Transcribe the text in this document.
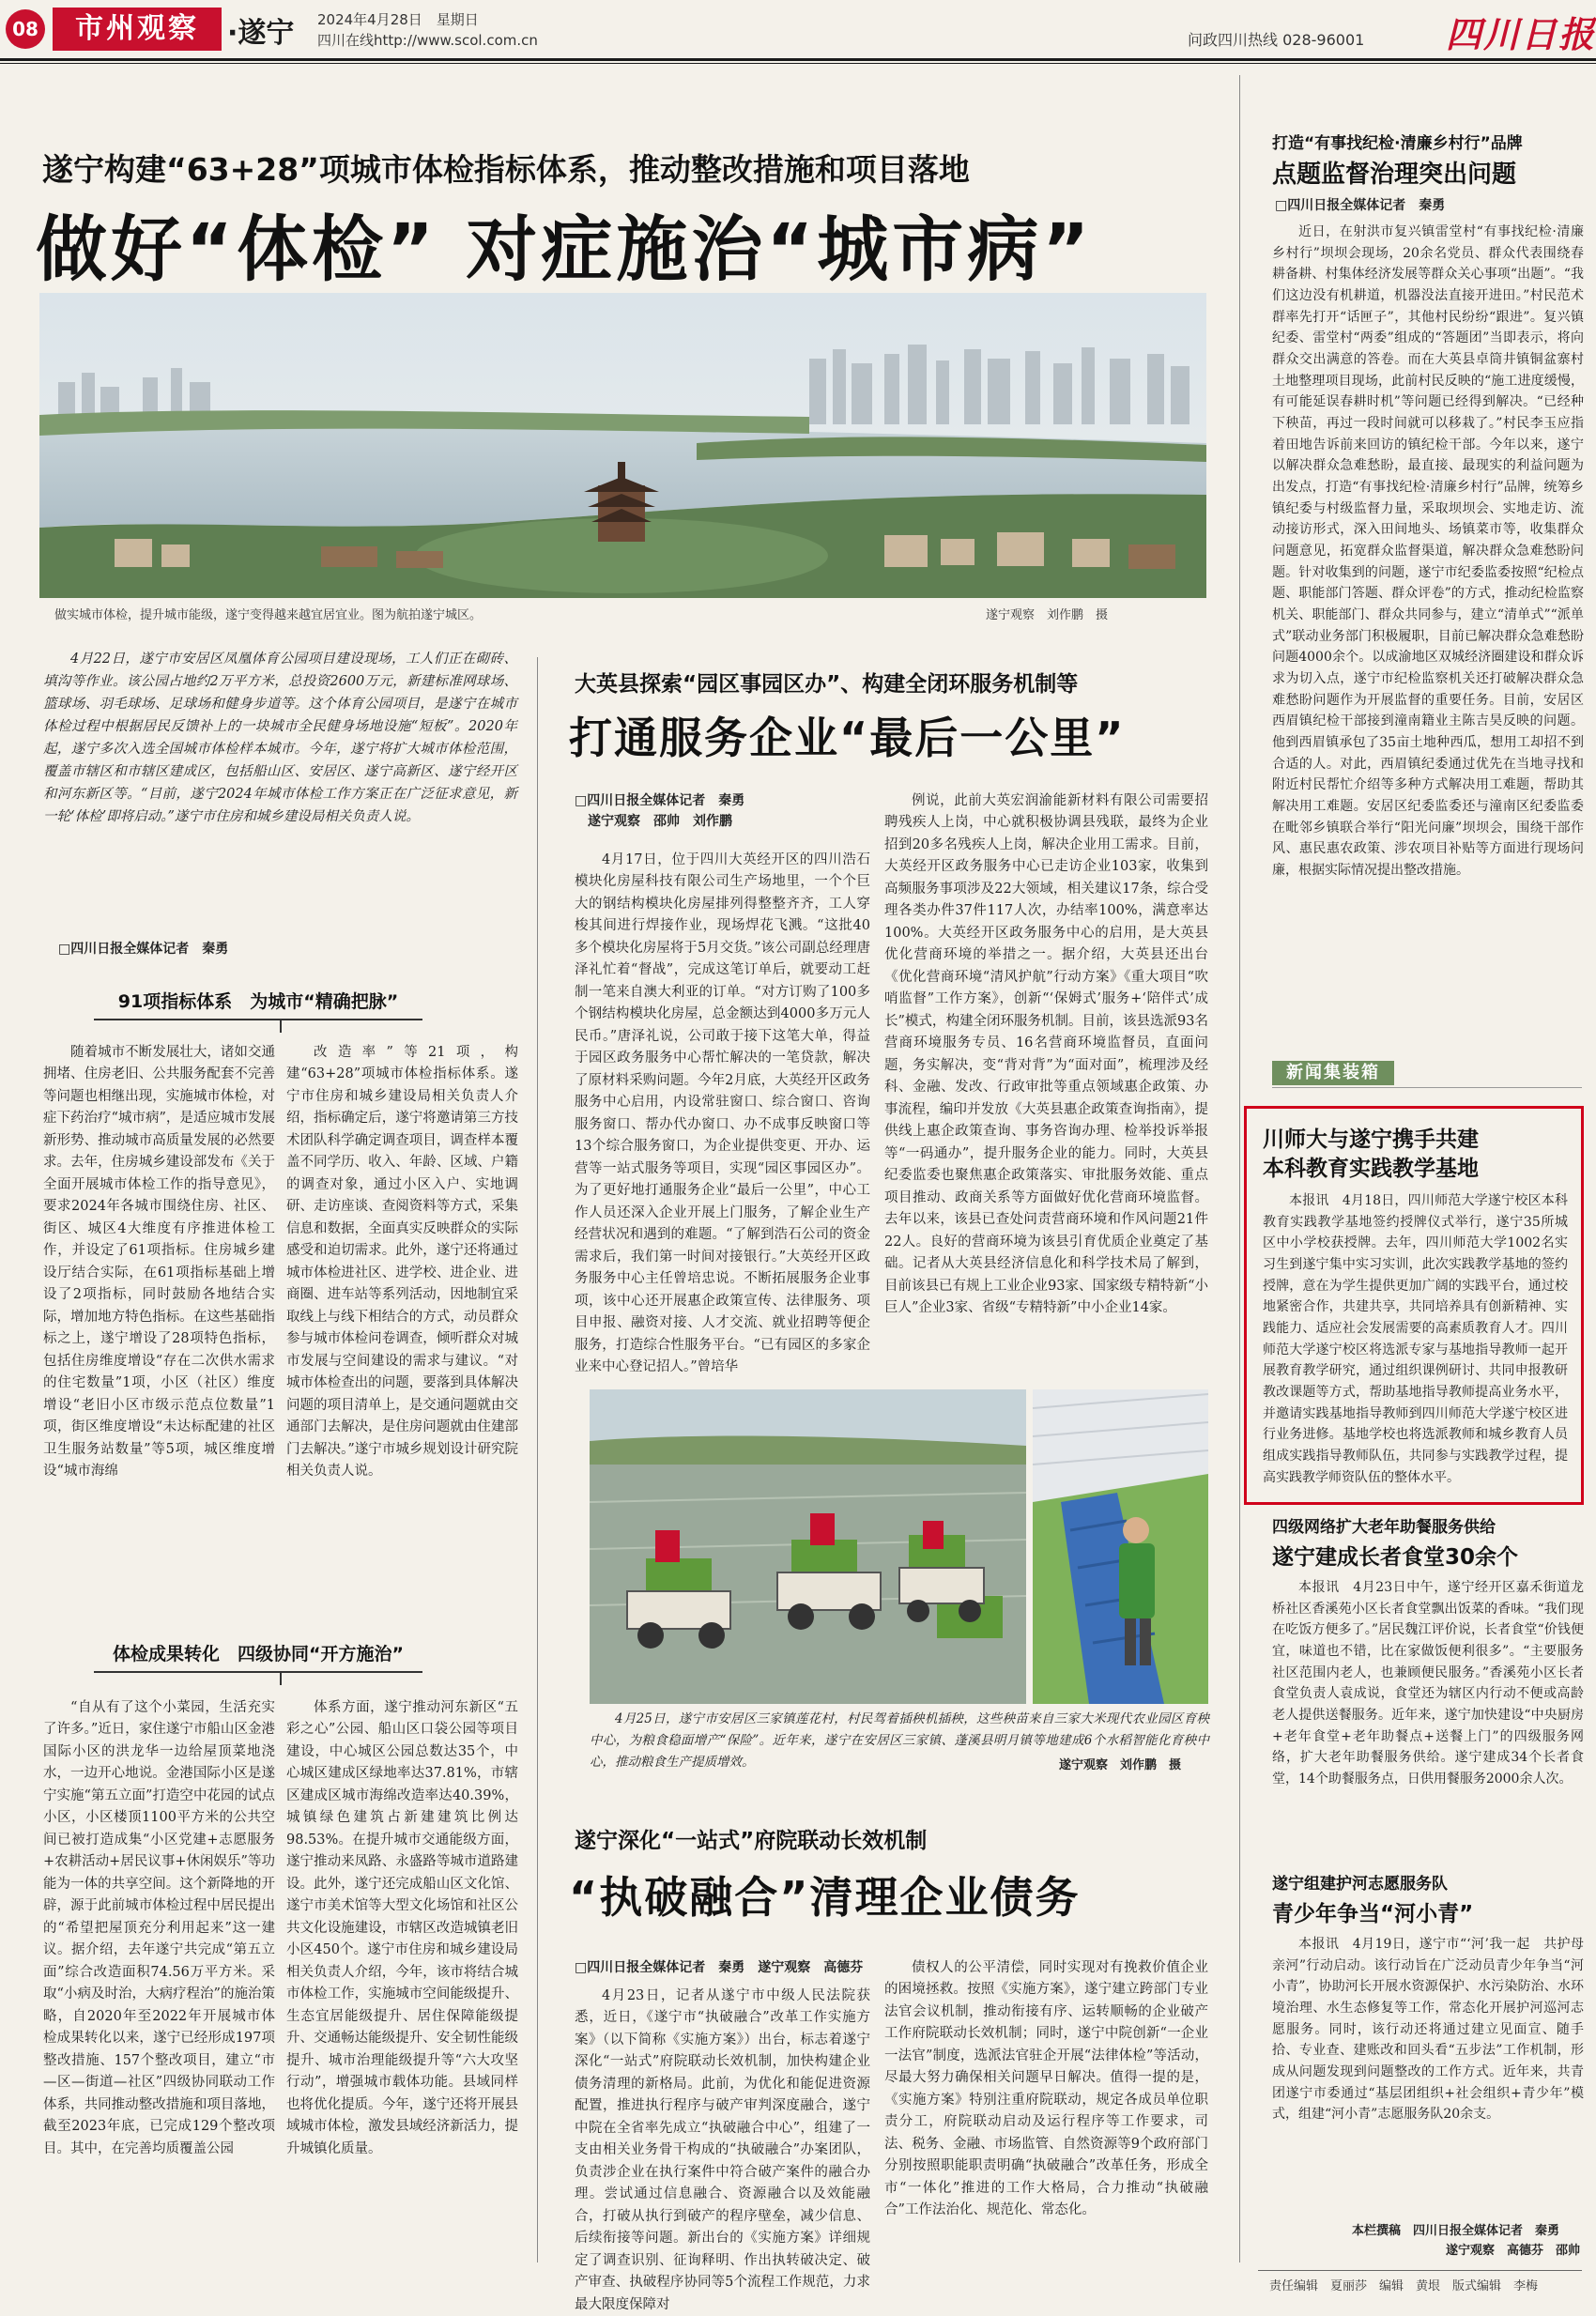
08	市州观察	·遂宁 2024年4月28日　星期日
四川在线http://www.scol.com.cn	问政四川热线 028-96001 四川日报
遂宁构建“63+28”项城市体检指标体系，推动整改措施和项目落地
做好“体检” 对症施治“城市病”
做实城市体检，提升城市能级，遂宁变得越来越宜居宜业。图为航拍遂宁城区。	遂宁观察　刘作鹏　摄

4月22日，遂宁市安居区凤凰体育公园项目建设现场，工人们正在砌砖、填沟等作业。该公园占地约2万平方米，总投资2600万元，新建标准网球场、篮球场、羽毛球场、足球场和健身步道等。这个体育公园项目，是遂宁在城市体检过程中根据居民反馈补上的一块城市全民健身场地设施“短板”。2020年起，遂宁多次入选全国城市体检样本城市。今年，遂宁将扩大城市体检范围，覆盖市辖区和市辖区建成区，包括船山区、安居区、遂宁高新区、遂宁经开区和河东新区等。“目前，遂宁2024年城市体检工作方案正在广泛征求意见，新一轮‘体检’即将启动。”遂宁市住房和城乡建设局相关负责人说。

□四川日报全媒体记者　秦勇
91项指标体系　为城市“精确把脉”

随着城市不断发展壮大，诸如交通拥堵、住房老旧、公共服务配套不完善等问题也相继出现，实施城市体检，对症下药治疗“城市病”，是适应城市发展新形势、推动城市高质量发展的必然要求。去年，住房城乡建设部发布《关于全面开展城市体检工作的指导意见》，要求2024年各城市围绕住房、社区、街区、城区4大维度有序推进体检工作，并设定了61项指标。住房城乡建设厅结合实际，在61项指标基础上增设了2项指标，同时鼓励各地结合实际，增加地方特色指标。在这些基础指标之上，遂宁增设了28项特色指标，包括住房维度增设“存在二次供水需求的住宅数量”1项，小区（社区）维度增设“老旧小区市级示范点位数量”1项，街区维度增设“未达标配建的社区卫生服务站数量”等5项，城区维度增设“城市海绵

改造率”等21项，构建“63+28”项城市体检指标体系。遂宁市住房和城乡建设局相关负责人介绍，指标确定后，遂宁将邀请第三方技术团队科学确定调查项目，调查样本覆盖不同学历、收入、年龄、区域、户籍的调查对象，通过小区入户、实地调研、走访座谈、查阅资料等方式，采集信息和数据，全面真实反映群众的实际感受和迫切需求。此外，遂宁还将通过城市体检进社区、进学校、进企业、进商圈、进车站等系列活动，因地制宜采取线上与线下相结合的方式，动员群众参与城市体检问卷调查，倾听群众对城市发展与空间建设的需求与建议。“对城市体检查出的问题，要落到具体解决问题的项目清单上，是交通问题就由交通部门去解决，是住房问题就由住建部门去解决。”遂宁市城乡规划设计研究院相关负责人说。

体检成果转化　四级协同“开方施治”

“自从有了这个小菜园，生活充实了许多。”近日，家住遂宁市船山区金港国际小区的洪龙华一边给屋顶菜地浇水，一边开心地说。金港国际小区是遂宁实施“第五立面”打造空中花园的试点小区，小区楼顶1100平方米的公共空间已被打造成集“小区党建+志愿服务+农耕活动+居民议事+休闲娱乐”等功能为一体的共享空间。这个新降地的开辟，源于此前城市体检过程中居民提出的“希望把屋顶充分利用起来”这一建议。据介绍，去年遂宁共完成“第五立面”综合改造面积74.56万平方米。采取“小病及时治，大病疗程治”的施治策略，自2020年至2022年开展城市体检成果转化以来，遂宁已经形成197项整改措施、157个整改项目，建立“市—区—街道—社区”四级协同联动工作体系，共同推动整改措施和项目落地，截至2023年底，已完成129个整改项目。其中，在完善均质覆盖公园

体系方面，遂宁推动河东新区“五彩之心”公园、船山区口袋公园等项目建设，中心城区公园总数达35个，中心城区建成区绿地率达37.81%，市辖区建成区城市海绵改造率达40.39%，城镇绿色建筑占新建建筑比例达98.53%。在提升城市交通能级方面，遂宁推动来凤路、永盛路等城市道路建设。此外，遂宁还完成船山区文化馆、遂宁市美术馆等大型文化场馆和社区公共文化设施建设，市辖区改造城镇老旧小区450个。遂宁市住房和城乡建设局相关负责人介绍，今年，该市将结合城市体检工作，实施城市空间能级提升、生态宜居能级提升、居住保障能级提升、交通畅达能级提升、安全韧性能级提升、城市治理能级提升等“六大攻坚行动”，增强城市载体功能。县域同样也将优化提质。今年，遂宁还将开展县域城市体检，激发县域经济新活力，提升城镇化质量。

大英县探索“园区事园区办”、构建全闭环服务机制等
打通服务企业“最后一公里”
□四川日报全媒体记者　秦勇
遂宁观察　邵帅　刘作鹏

4月17日，位于四川大英经开区的四川浩石模块化房屋科技有限公司生产场地里，一个个巨大的钢结构模块化房屋排列得整整齐齐，工人穿梭其间进行焊接作业，现场焊花飞溅。“这批40多个模块化房屋将于5月交货。”该公司副总经理唐泽礼忙着“督战”，完成这笔订单后，就要动工赶制一笔来自澳大利亚的订单。“对方订购了100多个钢结构模块化房屋，总金额达到4000多万元人民币。”唐泽礼说，公司敢于接下这笔大单，得益于园区政务服务中心帮忙解决的一笔贷款，解决了原材料采购问题。今年2月底，大英经开区政务服务中心启用，内设常驻窗口、综合窗口、咨询服务窗口、帮办代办窗口、办不成事反映窗口等13个综合服务窗口，为企业提供变更、开办、运营等一站式服务等项目，实现“园区事园区办”。为了更好地打通服务企业“最后一公里”，中心工作人员还深入企业开展上门服务，了解企业生产经营状况和遇到的难题。“了解到浩石公司的资金需求后，我们第一时间对接银行。”大英经开区政务服务中心主任曾培忠说。不断拓展服务企业事项，该中心还开展惠企政策宣传、法律服务、项目申报、融资对接、人才交流、就业招聘等便企服务，打造综合性服务平台。“已有园区的多家企业来中心登记招人。”曾培华

例说，此前大英宏润渝能新材料有限公司需要招聘残疾人上岗，中心就积极协调县残联，最终为企业招到20多名残疾人上岗，解决企业用工需求。目前，大英经开区政务服务中心已走访企业103家，收集到高频服务事项涉及22大领域，相关建议17条，综合受理各类办件37件117人次，办结率100%，满意率达100%。大英经开区政务服务中心的启用，是大英县优化营商环境的举措之一。据介绍，大英县还出台《优化营商环境“清风护航”行动方案》《重大项目“吹哨监督”工作方案》，创新“‘保姆式’服务+‘陪伴式’成长”模式，构建全闭环服务机制。目前，该县选派93名营商环境服务专员、16名营商环境监督员，直面问题，务实解决，变“背对背”为“面对面”，梳理涉及经科、金融、发改、行政审批等重点领域惠企政策、办事流程，编印并发放《大英县惠企政策查询指南》，提供线上惠企政策查询、事务咨询办理、检举投诉举报等“一码通办”，提升服务企业的能力。同时，大英县纪委监委也聚焦惠企政策落实、审批服务效能、重点项目推动、政商关系等方面做好优化营商环境监督。去年以来，该县已查处问责营商环境和作风问题21件22人。良好的营商环境为该县引育优质企业奠定了基础。记者从大英县经济信息化和科学技术局了解到，目前该县已有规上工业企业93家、国家级专精特新“小巨人”企业3家、省级“专精特新”中小企业14家。

4月25日，遂宁市安居区三家镇莲花村，村民驾着插秧机插秧，这些秧苗来自三家大米现代农业园区育秧中心，为粮食稳面增产“保险”。近年来，遂宁在安居区三家镇、蓬溪县明月镇等地建成6个水稻智能化育秧中心，推动粮食生产提质增效。	遂宁观察　刘作鹏　摄
遂宁深化“一站式”府院联动长效机制
“执破融合”清理企业债务
□四川日报全媒体记者　秦勇　遂宁观察　高德芬

4月23日，记者从遂宁市中级人民法院获悉，近日，《遂宁市“执破融合”改革工作实施方案》（以下简称《实施方案》）出台，标志着遂宁深化“一站式”府院联动长效机制，加快构建企业债务清理的新格局。此前，为优化和能促进资源配置，推进执行程序与破产审判深度融合，遂宁中院在全省率先成立“执破融合中心”，组建了一支由相关业务骨干构成的“执破融合”办案团队，负责涉企业在执行案件中符合破产案件的融合办理。尝试通过信息融合、资源融合以及效能融合，打破从执行到破产的程序壁垒，减少信息、后续衔接等问题。新出台的《实施方案》详细规定了调查识别、征询释明、作出执转破决定、破产审查、执破程序协同等5个流程工作规范，力求最大限度保障对

债权人的公平清偿，同时实现对有挽救价值企业的困境拯救。按照《实施方案》，遂宁建立跨部门专业法官会议机制，推动衔接有序、运转顺畅的企业破产工作府院联动长效机制；同时，遂宁中院创新“一企业一法官”制度，选派法官驻企开展“法律体检”等活动，尽最大努力确保相关问题早日解决。值得一提的是，《实施方案》特别注重府院联动，规定各成员单位职责分工，府院联动启动及运行程序等工作要求，司法、税务、金融、市场监管、自然资源等9个政府部门分别按照职能职责明确“执破融合”改革任务，形成全市“一体化”推进的工作大格局，合力推动“执破融合”工作法治化、规范化、常态化。

打造“有事找纪检·清廉乡村行”品牌
点题监督治理突出问题
□四川日报全媒体记者　秦勇

近日，在射洪市复兴镇雷堂村“有事找纪检·清廉乡村行”坝坝会现场，20余名党员、群众代表围绕春耕备耕、村集体经济发展等群众关心事项“出题”。“我们这边没有机耕道，机器没法直接开进田。”村民范术群率先打开“话匣子”，其他村民纷纷“跟进”。复兴镇纪委、雷堂村“两委”组成的“答题团”当即表示，将向群众交出满意的答卷。而在大英县卓筒井镇铜盆寨村土地整理项目现场，此前村民反映的“施工进度缓慢，有可能延误春耕时机”等问题已经得到解决。“已经种下秧苗，再过一段时间就可以移栽了。”村民李玉应指着田地告诉前来回访的镇纪检干部。今年以来，遂宁以解决群众急难愁盼，最直接、最现实的利益问题为出发点，打造“有事找纪检·清廉乡村行”品牌，统筹乡镇纪委与村级监督力量，采取坝坝会、实地走访、流动接访形式，深入田间地头、场镇菜市等，收集群众问题意见，拓宽群众监督渠道，解决群众急难愁盼问题。针对收集到的问题，遂宁市纪委监委按照“纪检点题、职能部门答题、群众评卷”的方式，推动纪检监察机关、职能部门、群众共同参与，建立“清单式”“派单式”联动业务部门积极履职，目前已解决群众急难愁盼问题4000余个。以成渝地区双城经济圈建设和群众诉求为切入点，遂宁市纪检监察机关还打破解决群众急难愁盼问题作为开展监督的重要任务。目前，安居区西眉镇纪检干部接到潼南籍业主陈吉昊反映的问题。他到西眉镇承包了35亩土地种西瓜，想用工却招不到合适的人。对此，西眉镇纪委通过优先在当地寻找和附近村民帮忙介绍等多种方式解决用工难题，帮助其解决用工难题。安居区纪委监委还与潼南区纪委监委在毗邻乡镇联合举行“阳光问廉”坝坝会，围绕干部作风、惠民惠农政策、涉农项目补贴等方面进行现场问廉，根据实际情况提出整改措施。

新闻集装箱
川师大与遂宁携手共建
本科教育实践教学基地

本报讯　4月18日，四川师范大学遂宁校区本科教育实践教学基地签约授牌仪式举行，遂宁35所城区中小学校获授牌。去年，四川师范大学1002名实习生到遂宁集中实习实训，此次实践教学基地的签约授牌，意在为学生提供更加广阔的实践平台，通过校地紧密合作，共建共享，共同培养具有创新精神、实践能力、适应社会发展需要的高素质教育人才。四川师范大学遂宁校区将选派专家与基地指导教师一起开展教育教学研究，通过组织课例研讨、共同申报教研教改课题等方式，帮助基地指导教师提高业务水平，并邀请实践基地指导教师到四川师范大学遂宁校区进行业务进修。基地学校也将选派教师和城乡教育人员组成实践指导教师队伍，共同参与实践教学过程，提高实践教学师资队伍的整体水平。

四级网络扩大老年助餐服务供给
遂宁建成长者食堂30余个

本报讯　4月23日中午，遂宁经开区嘉禾街道龙桥社区香溪苑小区长者食堂飘出饭菜的香味。“我们现在吃饭方便多了。”居民魏江评价说，长者食堂“价钱便宜，味道也不错，比在家做饭便利很多”。“主要服务社区范围内老人，也兼顾便民服务。”香溪苑小区长者食堂负责人袁成说，食堂还为辖区内行动不便或高龄老人提供送餐服务。近年来，遂宁加快建设“中央厨房+老年食堂+老年助餐点+送餐上门”的四级服务网络，扩大老年助餐服务供给。遂宁建成34个长者食堂，14个助餐服务点，日供用餐服务2000余人次。

遂宁组建护河志愿服务队
青少年争当“河小青”

本报讯　4月19日，遂宁市“‘河’我一起　共护母亲河”行动启动。该行动旨在广泛动员青少年争当“河小青”，协助河长开展水资源保护、水污染防治、水环境治理、水生态修复等工作，常态化开展护河巡河志愿服务。同时，该行动还将通过建立见面宣、随手拾、专业查、建账改和回头看“五步法”工作机制，形成从问题发现到问题整改的工作方式。近年来，共青团遂宁市委通过“基层团组织+社会组织+青少年”模式，组建“河小青”志愿服务队20余支。

本栏撰稿　四川日报全媒体记者　秦勇
遂宁观察　高德芬　邵帅
责任编辑　夏丽莎　编辑　黄垠　版式编辑　李梅
